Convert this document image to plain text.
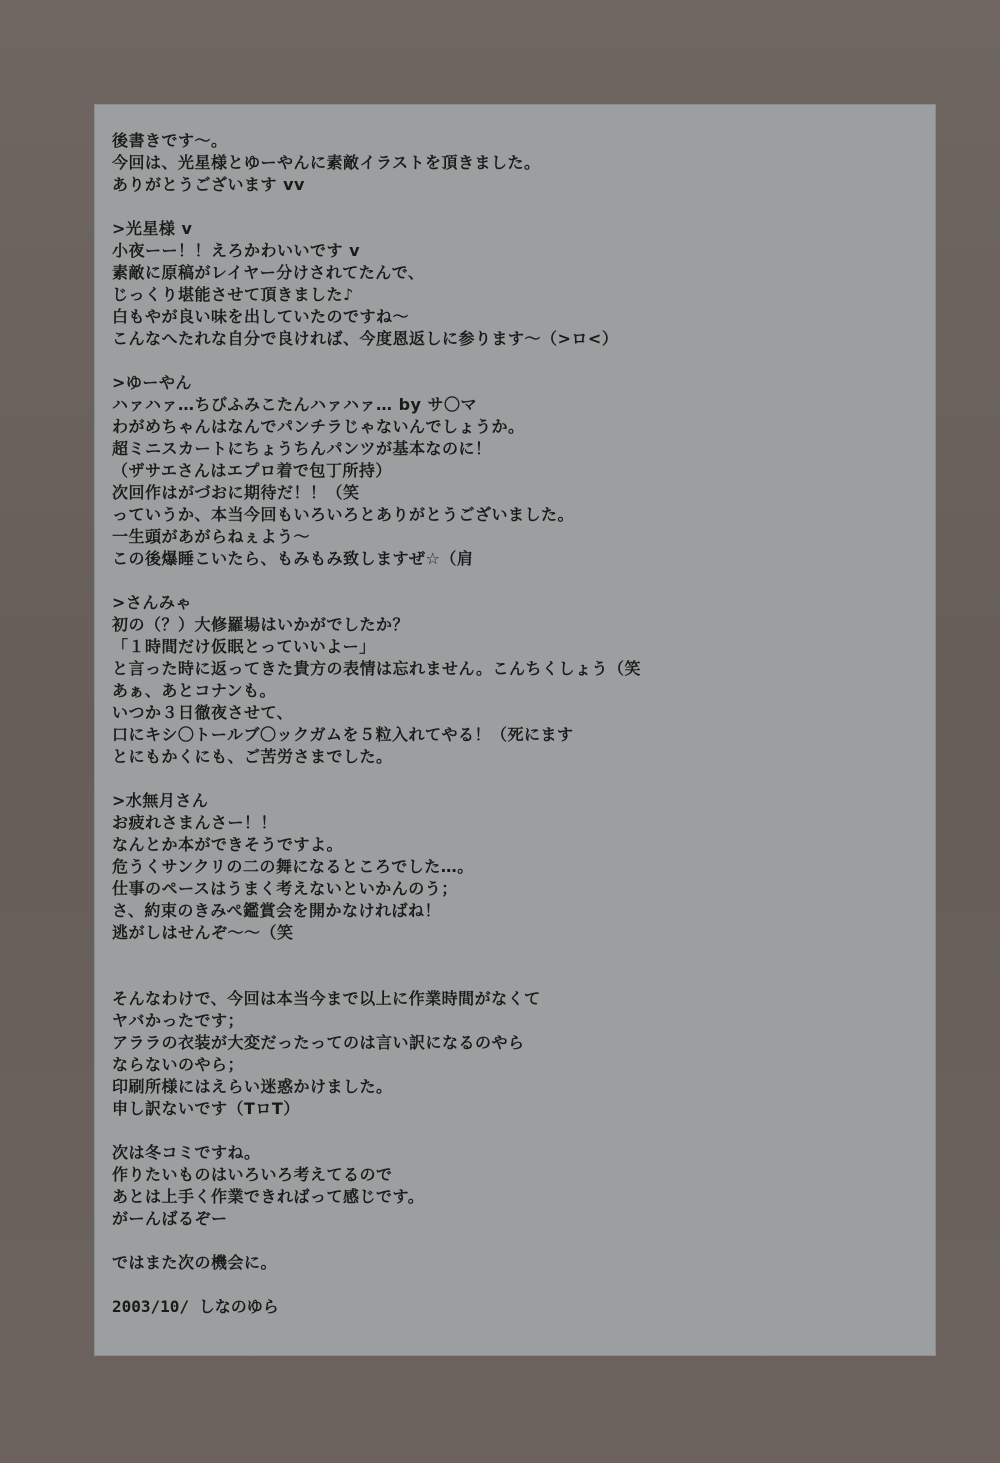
後書きです～。
今回は、光星様とゆーやんに素敵イラストを頂きました。
ありがとうございます vv
>光星様 v
小夜ーー！！えろかわいいです v
素敵に原稿がレイヤー分けされてたんで、
じっくり堪能させて頂きました♪
白もやが良い味を出していたのですね～
こんなへたれな自分で良ければ、今度恩返しに参ります～（>ロ<）
>ゆーやん
ハァハァ…ちびふみこたんハァハァ… by サ〇マ
わがめちゃんはなんでパンチラじゃないんでしょうか。
超ミニスカートにちょうちんパンツが基本なのに！
（ザサエさんはエプロ着で包丁所持）
次回作はがづおに期待だ！！（笑
っていうか、本当今回もいろいろとありがとうございました。
一生頭があがらねぇよう～
この後爆睡こいたら、もみもみ致しますぜ☆（肩
>さんみゃ
初の（？）大修羅場はいかがでしたか？
「１時間だけ仮眠とっていいよー」
と言った時に返ってきた貴方の表情は忘れません。こんちくしょう（笑
あぁ、あとコナンも。
いつか３日徹夜させて、
口にキシ〇トールブ〇ックガムを５粒入れてやる！（死にます
とにもかくにも、ご苦労さまでした。
>水無月さん
お疲れさまんさー！！
なんとか本ができそうですよ。
危うくサンクリの二の舞になるところでした…。
仕事のペースはうまく考えないといかんのう；
さ、約束のきみぺ鑑賞会を開かなければね！
逃がしはせんぞ～～（笑
そんなわけで、今回は本当今まで以上に作業時間がなくて
ヤバかったです；
アララの衣装が大変だったってのは言い訳になるのやら
ならないのやら；
印刷所様にはえらい迷惑かけました。
申し訳ないです（TロT）
次は冬コミですね。
作りたいものはいろいろ考えてるので
あとは上手く作業できればって感じです。
がーんばるぞー
ではまた次の機会に。
2003/10/ しなのゆら
